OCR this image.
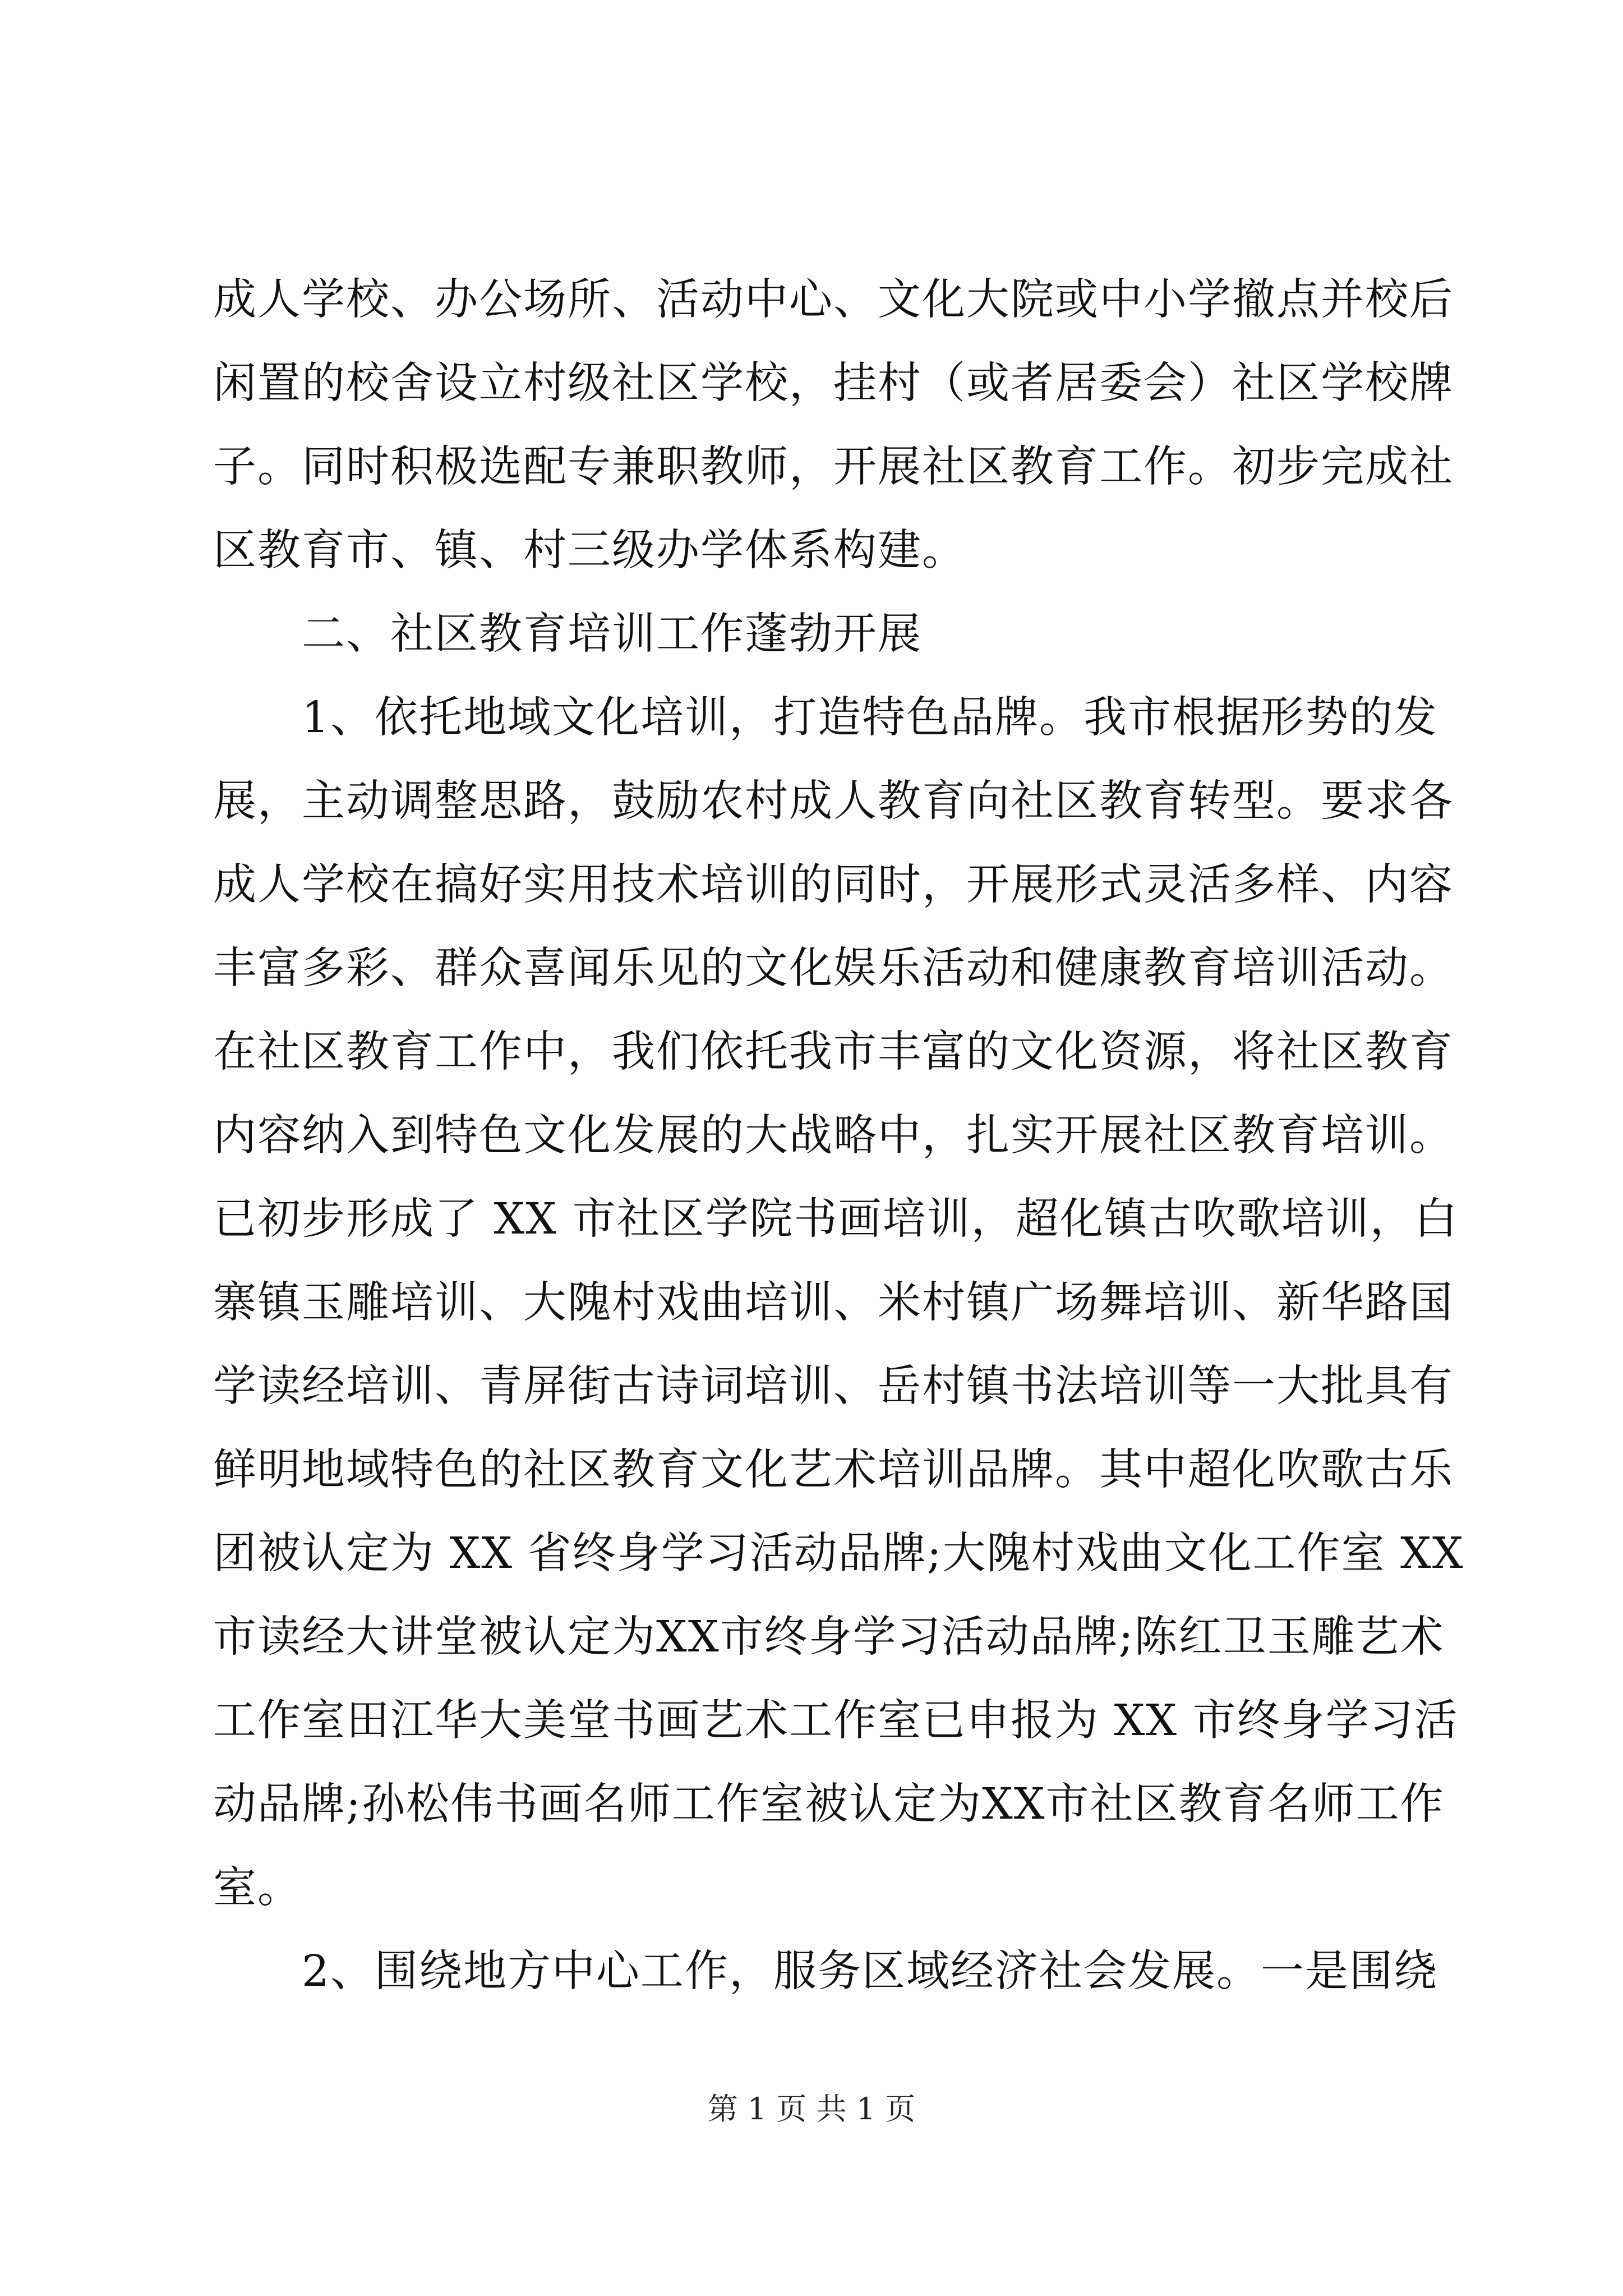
成人学校、办公场所、活动中心、文化大院或中小学撤点并校后
闲置的校舍设立村级社区学校，挂村（或者居委会）社区学校牌
子。同时积极选配专兼职教师，开展社区教育工作。初步完成社
区教育市、镇、村三级办学体系构建。
　　二、社区教育培训工作蓬勃开展
　　1、依托地域文化培训，打造特色品牌。我市根据形势的发
展，主动调整思路，鼓励农村成人教育向社区教育转型。要求各
成人学校在搞好实用技术培训的同时，开展形式灵活多样、内容
丰富多彩、群众喜闻乐见的文化娱乐活动和健康教育培训活动。
在社区教育工作中，我们依托我市丰富的文化资源，将社区教育
内容纳入到特色文化发展的大战略中，扎实开展社区教育培训。
已初步形成了 XX 市社区学院书画培训，超化镇古吹歌培训，白
寨镇玉雕培训、大隗村戏曲培训、米村镇广场舞培训、新华路国
学读经培训、青屏街古诗词培训、岳村镇书法培训等一大批具有
鲜明地域特色的社区教育文化艺术培训品牌。其中超化吹歌古乐
团被认定为 XX 省终身学习活动品牌;大隗村戏曲文化工作室 XX
市读经大讲堂被认定为XX市终身学习活动品牌;陈红卫玉雕艺术
工作室田江华大美堂书画艺术工作室已申报为 XX 市终身学习活
动品牌;孙松伟书画名师工作室被认定为XX市社区教育名师工作
室。
　　2、围绕地方中心工作，服务区域经济社会发展。一是围绕
第 1 页 共 1 页
